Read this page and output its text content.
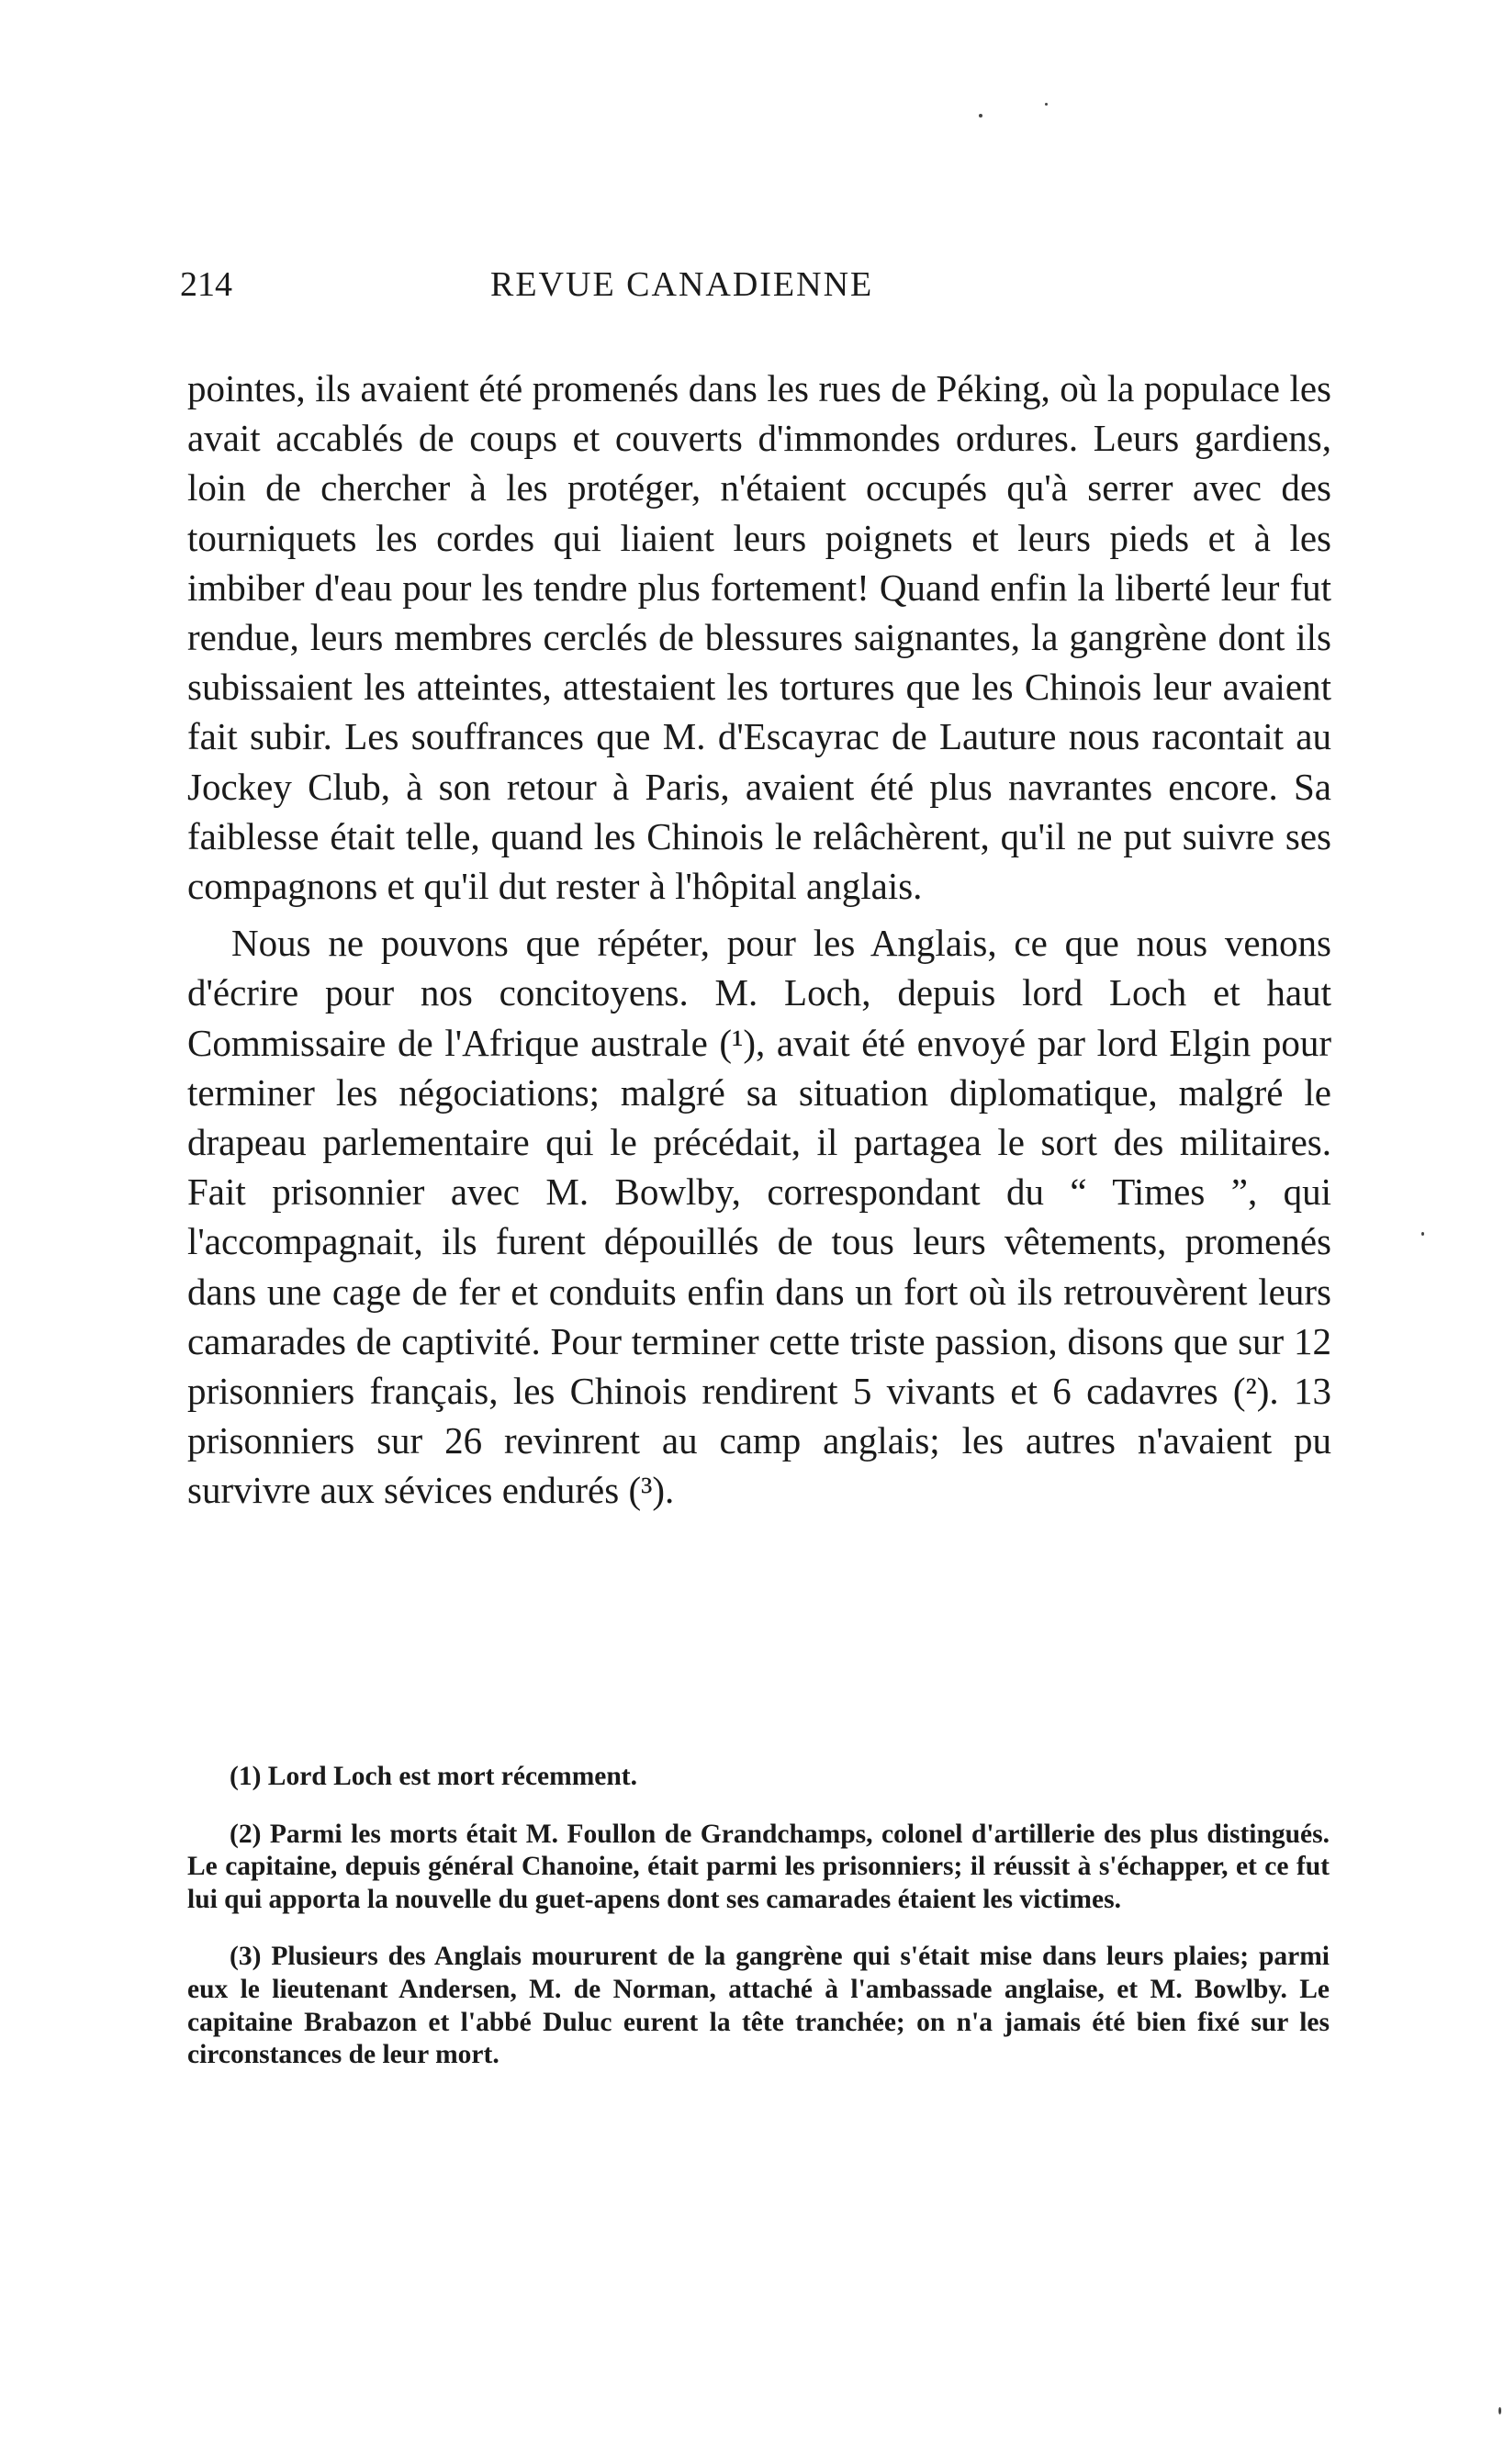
214	REVUE CANADIENNE

pointes, ils avaient été promenés dans les rues de Péking, où la populace les avait accablés de coups et couverts d'immondes ordures. Leurs gardiens, loin de chercher à les protéger, n'étaient occupés qu'à serrer avec des tourniquets les cordes qui liaient leurs poignets et leurs pieds et à les imbiber d'eau pour les tendre plus fortement! Quand enfin la liberté leur fut rendue, leurs membres cerclés de blessures saignantes, la gangrène dont ils subissaient les atteintes, attestaient les tortures que les Chinois leur avaient fait subir. Les souffrances que M. d'Escayrac de Lauture nous racontait au Jockey Club, à son retour à Paris, avaient été plus navrantes encore. Sa faiblesse était telle, quand les Chinois le relâchèrent, qu'il ne put suivre ses compagnons et qu'il dut rester à l'hôpital anglais.

Nous ne pouvons que répéter, pour les Anglais, ce que nous venons d'écrire pour nos concitoyens. M. Loch, depuis lord Loch et haut Commissaire de l'Afrique australe (¹), avait été envoyé par lord Elgin pour terminer les négociations; malgré sa situation diplomatique, malgré le drapeau parlementaire qui le précédait, il partagea le sort des militaires. Fait prisonnier avec M. Bowlby, correspondant du “ Times ”, qui l'accompagnait, ils furent dépouillés de tous leurs vêtements, promenés dans une cage de fer et conduits enfin dans un fort où ils retrouvèrent leurs camarades de captivité. Pour terminer cette triste passion, disons que sur 12 prisonniers français, les Chinois rendirent 5 vivants et 6 cadavres (²). 13 prisonniers sur 26 revinrent au camp anglais; les autres n'avaient pu survivre aux sévices endurés (³).

(1) Lord Loch est mort récemment.

(2) Parmi les morts était M. Foullon de Grandchamps, colonel d'artillerie des plus distingués. Le capitaine, depuis général Chanoine, était parmi les prisonniers; il réussit à s'échapper, et ce fut lui qui apporta la nouvelle du guet-apens dont ses camarades étaient les victimes.

(3) Plusieurs des Anglais moururent de la gangrène qui s'était mise dans leurs plaies; parmi eux le lieutenant Andersen, M. de Norman, attaché à l'ambassade anglaise, et M. Bowlby. Le capitaine Brabazon et l'abbé Duluc eurent la tête tranchée; on n'a jamais été bien fixé sur les circonstances de leur mort.
